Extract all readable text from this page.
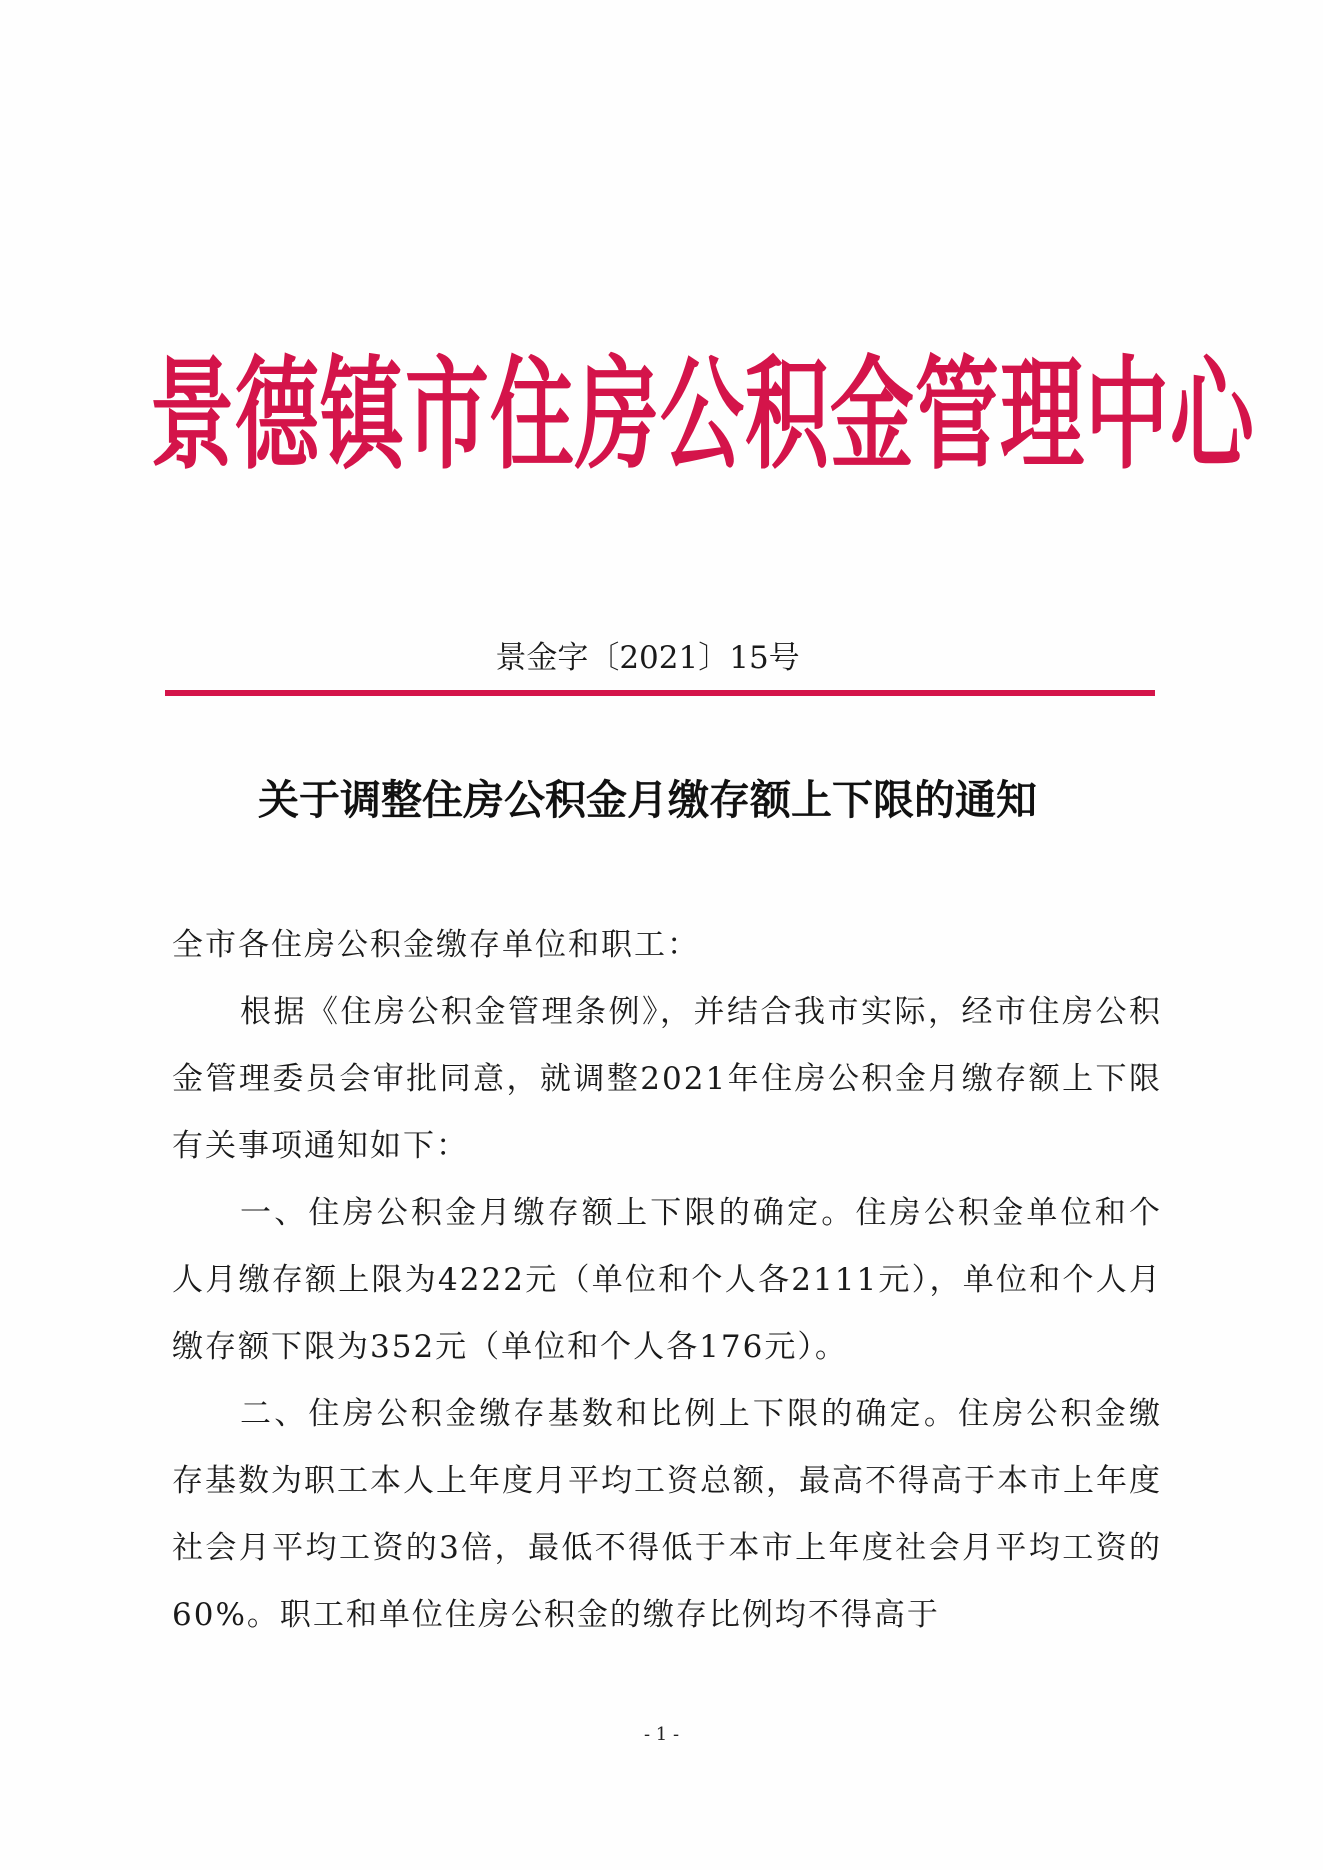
景德镇市住房公积金管理中心
景金字〔2021〕15号
关于调整住房公积金月缴存额上下限的通知

全市各住房公积金缴存单位和职工：

根据《住房公积金管理条例》，并结合我市实际，经市住房公积金管理委员会审批同意，就调整2021年住房公积金月缴存额上下限有关事项通知如下：

一、住房公积金月缴存额上下限的确定。住房公积金单位和个人月缴存额上限为4222元（单位和个人各2111元），单位和个人月缴存额下限为352元（单位和个人各176元）。

二、住房公积金缴存基数和比例上下限的确定。住房公积金缴存基数为职工本人上年度月平均工资总额，最高不得高于本市上年度社会月平均工资的3倍，最低不得低于本市上年度社会月平均工资的60%。职工和单位住房公积金的缴存比例均不得高于

- 1 -
